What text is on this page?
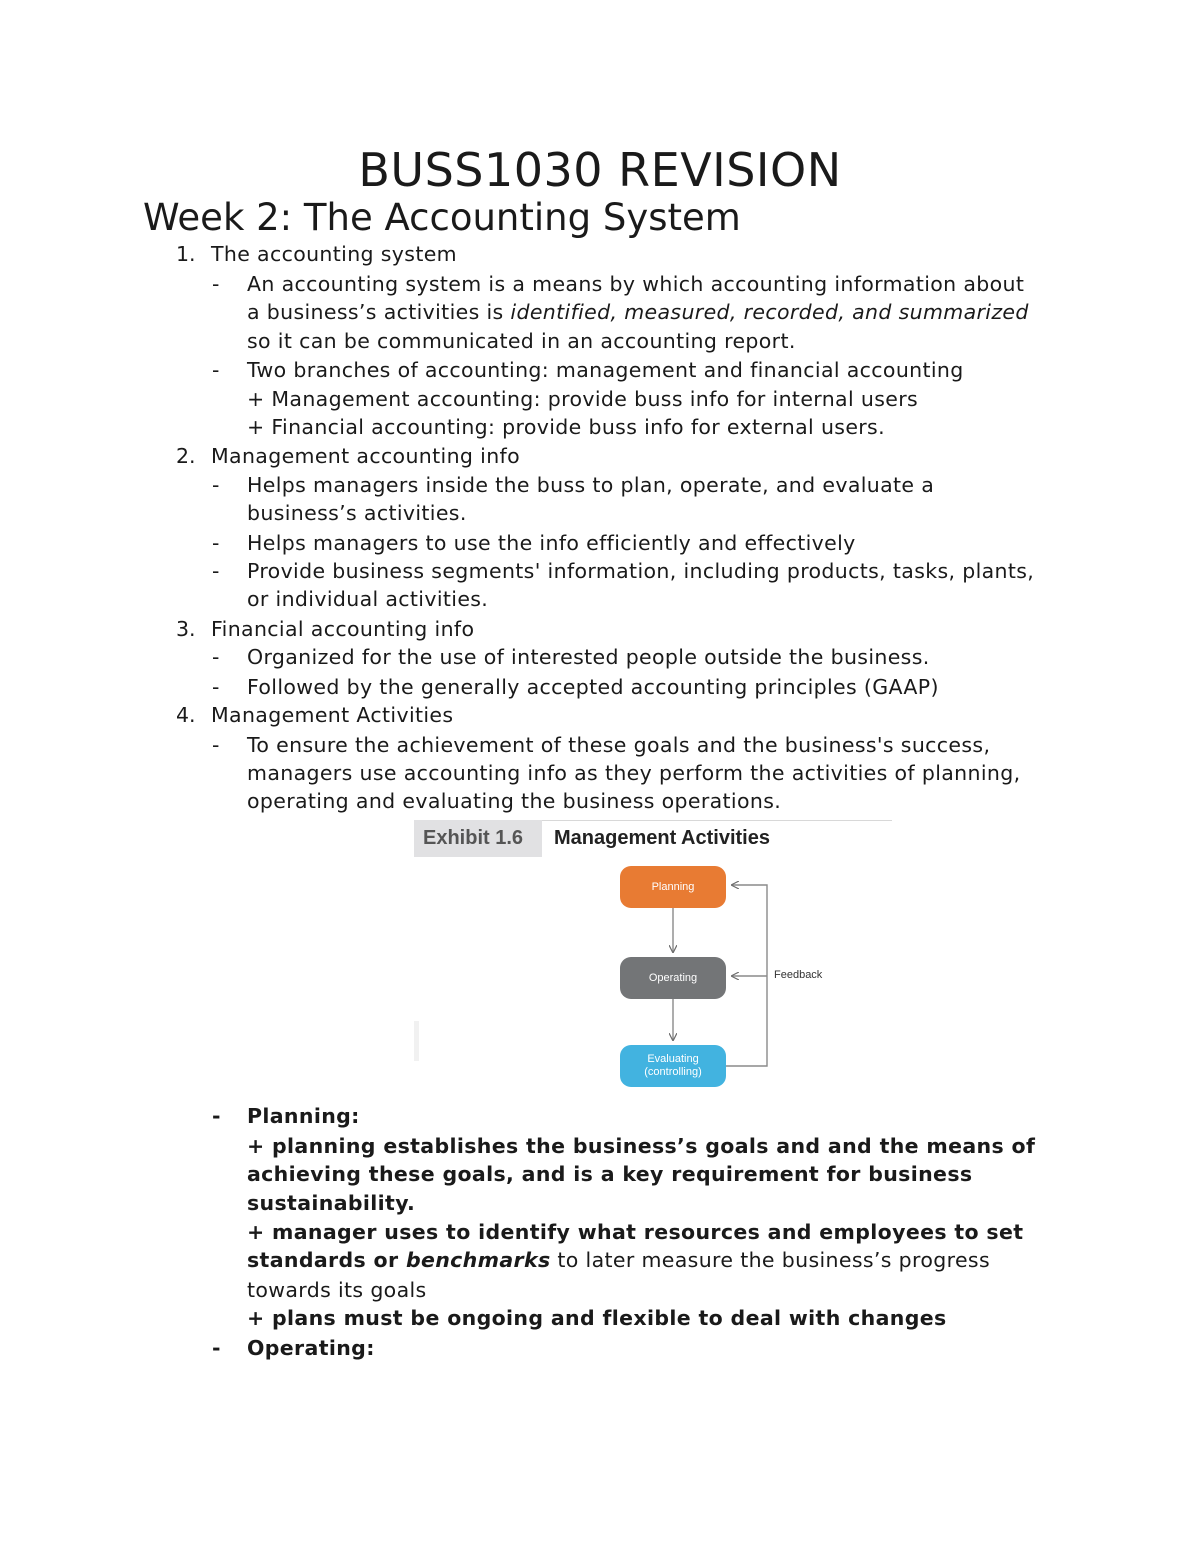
BUSS1030 REVISION
Week 2: The Accounting System
1. The accounting system
- An accounting system is a means by which accounting information about
a business’s activities is identified, measured, recorded, and summarized
so it can be communicated in an accounting report.
- Two branches of accounting: management and financial accounting
+ Management accounting: provide buss info for internal users
+ Financial accounting: provide buss info for external users.
2. Management accounting info
- Helps managers inside the buss to plan, operate, and evaluate a
business’s activities.
- Helps managers to use the info efficiently and effectively
- Provide business segments' information, including products, tasks, plants,
or individual activities.
3. Financial accounting info
- Organized for the use of interested people outside the business.
- Followed by the generally accepted accounting principles (GAAP)
4. Management Activities
- To ensure the achievement of these goals and the business's success,
managers use accounting info as they perform the activities of planning,
operating and evaluating the business operations.
Exhibit 1.6	Management Activities
Planning
Operating
Evaluating
(controlling)
Feedback
- Planning:
+ planning establishes the business’s goals and and the means of
achieving these goals, and is a key requirement for business
sustainability.
+ manager uses to identify what resources and employees to set
standards or benchmarks to later measure the business’s progress
towards its goals
+ plans must be ongoing and flexible to deal with changes
- Operating:
